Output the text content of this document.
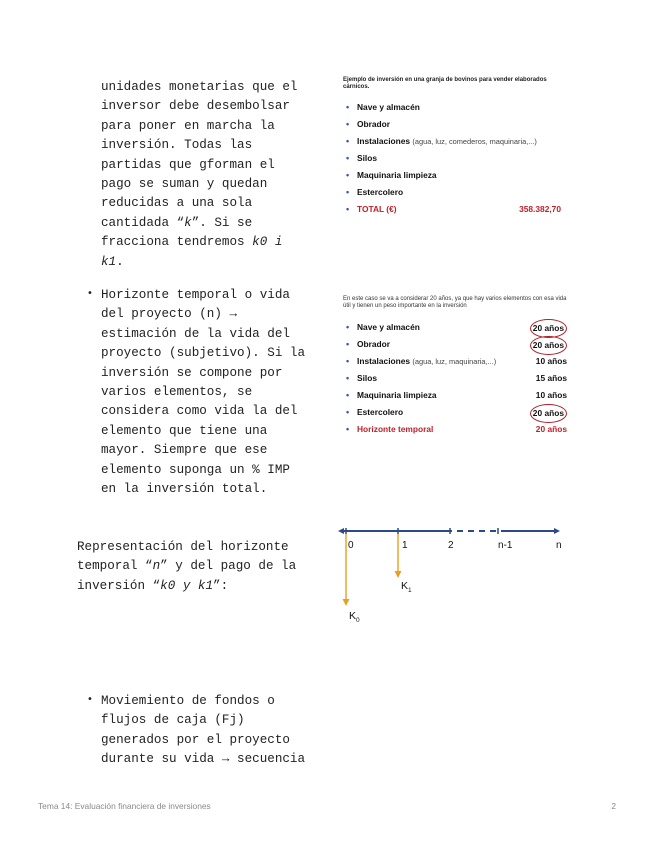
unidades monetarias que el
inversor debe desembolsar
para poner en marcha la
inversión. Todas las
partidas que gforman el
pago se suman y quedan
reducidas a una sola
cantidada “k”. Si se
fracciona tendremos k0 i
k1.
• Horizonte temporal o vida
del proyecto (n) →
estimación de la vida del
proyecto (subjetivo). Si la
inversión se compone por
varios elementos, se
considera como vida la del
elemento que tiene una
mayor. Siempre que ese
elemento suponga un % IMP
en la inversión total.
Representación del horizonte
temporal “n” y del pago de la
inversión “k0 y k1”:
• Moviemiento de fondos o
flujos de caja (Fj)
generados por el proyecto
durante su vida → secuencia
Ejemplo de inversión en una granja de bovinos para vender elaborados cárnicos.
• Nave y almacén
• Obrador
• Instalaciones (agua, luz, comederos, maquinaria,...)
• Silos
• Maquinaria limpieza
• Estercolero
• TOTAL (€)	358.382,70
En este caso se va a considerar 20 años, ya que hay varios elementos con esa vida útil y tienen un peso importante en la inversión
• Nave y almacén	20 años
• Obrador	20 años
• Instalaciones (agua, luz, maquinaria,...)	10 años
• Silos	15 años
• Maquinaria limpieza	10 años
• Estercolero	20 años
• Horizonte temporal	20 años
0	1	2	n-1	n
$K_1$
$K_0$
Tema 14: Evaluación financiera de inversiones	2
